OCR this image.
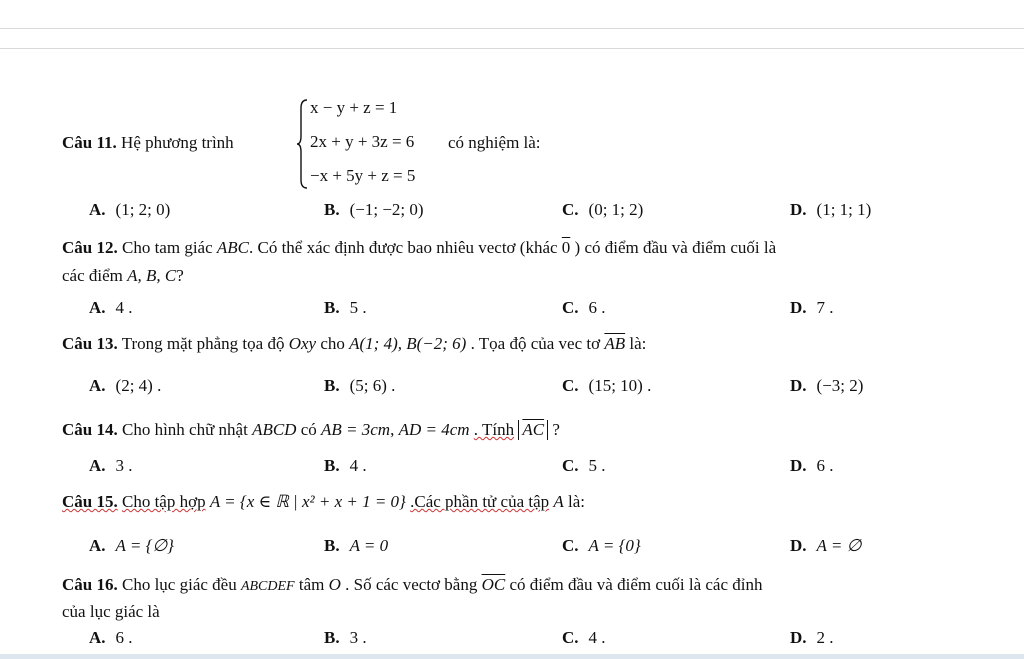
Câu 11. Hệ phương trình
x − y + z = 1
2x + y + 3z = 6
−x + 5y + z = 5
có nghiệm là:
A. (1; 2; 0)	B. (−1; −2; 0)	C. (0; 1; 2)	D. (1; 1; 1)
Câu 12. Cho tam giác ABC. Có thể xác định được bao nhiêu vectơ (khác 0 ) có điểm đầu và điểm cuối là
các điểm A, B, C?
A. 4 .	B. 5 .	C. 6 .	D. 7 .
Câu 13. Trong mặt phẳng tọa độ Oxy cho A(1; 4), B(−2; 6) . Tọa độ của vec tơ $\overline{AB}$ là:
A. (2; 4) .	B. (5; 6) .	C. (15; 10) .	D. (−3; 2)
Câu 14. Cho hình chữ nhật ABCD có AB = 3cm, AD = 4cm . Tính $\overline{AC}$ ?
A. 3 .	B. 4 .	C. 5 .	D. 6 .
Câu 15. Cho tập hợp A = {x ∈ ℝ | x² + x + 1 = 0} .Các phần tử của tập A là:
A. A = {∅}	B. A = 0	C. A = {0}	D. A = ∅
Câu 16. Cho lục giác đều ABCDEF tâm O . Số các vectơ bằng $\overline{OC}$ có điểm đầu và điểm cuối là các đỉnh
của lục giác là
A. 6 .	B. 3 .	C. 4 .	D. 2 .
